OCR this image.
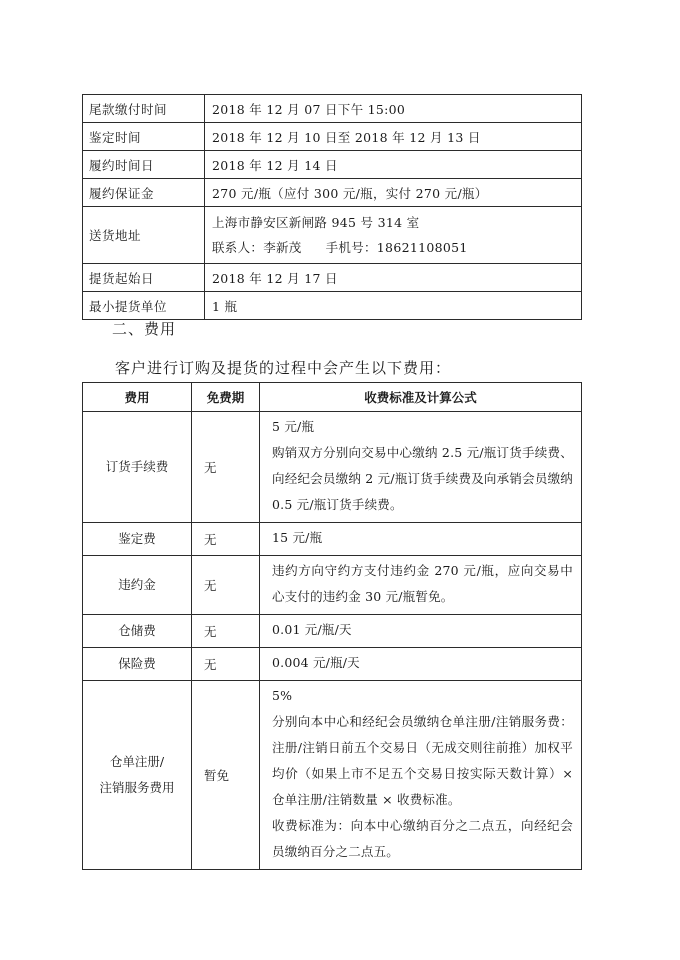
尾款缴付时间	2018 年 12 月 07 日下午 15:00
鉴定时间	2018 年 12 月 10 日至 2018 年 12 月 13 日
履约时间日	2018 年 12 月 14 日
履约保证金	270 元/瓶（应付 300 元/瓶，实付 270 元/瓶）
送货地址	上海市静安区新闸路 945 号 314 室
联系人：李新茂 手机号：18621108051

提货起始日	2018 年 12 月 17 日
最小提货单位	1 瓶
二、费用
客户进行订购及提货的过程中会产生以下费用：
费用	免费期	收费标准及计算公式
订货手续费	无	5 元/瓶
购销双方分别向交易中心缴纳 2.5 元/瓶订货手续费、向经纪会员缴纳 2 元/瓶订货手续费及向承销会员缴纳 0.5 元/瓶订货手续费。

鉴定费	无	15 元/瓶

违约金	无	违约方向守约方支付违约金 270 元/瓶，应向交易中心支付的违约金 30 元/瓶暂免。

仓储费	无	0.01 元/瓶/天

保险费	无	0.004 元/瓶/天

仓单注册/
注销服务费用	暂免	5%
分别向本中心和经纪会员缴纳仓单注册/注销服务费：注册/注销日前五个交易日（无成交则往前推）加权平均价（如果上市不足五个交易日按实际天数计算）× 仓单注册/注销数量 × 收费标准。
收费标准为：向本中心缴纳百分之二点五，向经纪会员缴纳百分之二点五。
